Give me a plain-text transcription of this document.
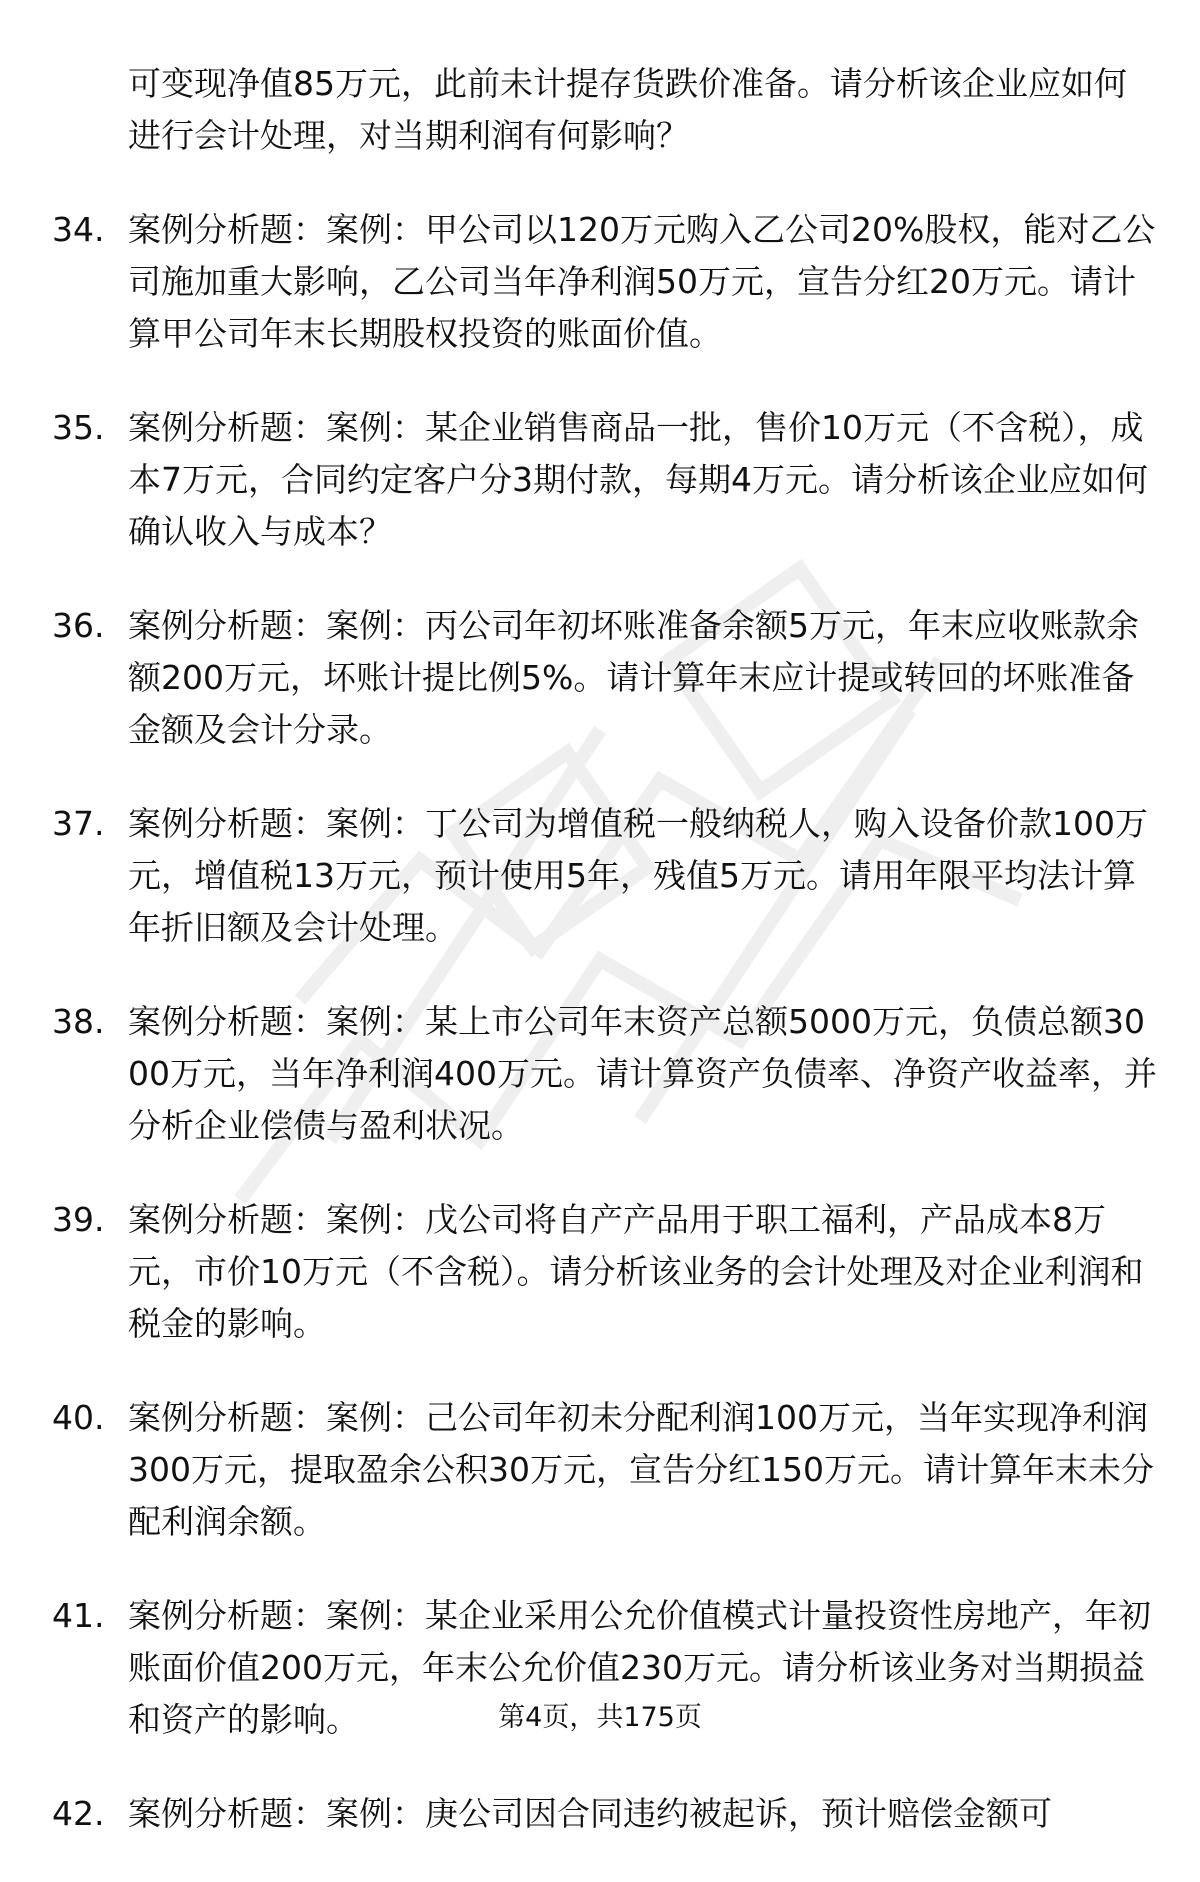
可变现净值85万元，此前未计提存货跌价准备。请分析该企业应如何进行会计处理，对当期利润有何影响？
34. 案例分析题：案例：甲公司以120万元购入乙公司20%股权，能对乙公司施加重大影响，乙公司当年净利润50万元，宣告分红20万元。请计算甲公司年末长期股权投资的账面价值。
35. 案例分析题：案例：某企业销售商品一批，售价10万元（不含税），成本7万元，合同约定客户分3期付款，每期4万元。请分析该企业应如何确认收入与成本？
36. 案例分析题：案例：丙公司年初坏账准备余额5万元，年末应收账款余额200万元，坏账计提比例5%。请计算年末应计提或转回的坏账准备金额及会计分录。
37. 案例分析题：案例：丁公司为增值税一般纳税人，购入设备价款100万元，增值税13万元，预计使用5年，残值5万元。请用年限平均法计算年折旧额及会计处理。
38. 案例分析题：案例：某上市公司年末资产总额5000万元，负债总额3000万元，当年净利润400万元。请计算资产负债率、净资产收益率，并分析企业偿债与盈利状况。
39. 案例分析题：案例：戊公司将自产产品用于职工福利，产品成本8万元，市价10万元（不含税）。请分析该业务的会计处理及对企业利润和税金的影响。
40. 案例分析题：案例：己公司年初未分配利润100万元，当年实现净利润300万元，提取盈余公积30万元，宣告分红150万元。请计算年末未分配利润余额。
41. 案例分析题：案例：某企业采用公允价值模式计量投资性房地产，年初账面价值200万元，年末公允价值230万元。请分析该业务对当期损益和资产的影响。
42. 案例分析题：案例：庚公司因合同违约被起诉，预计赔偿金额可
第4页，共175页
